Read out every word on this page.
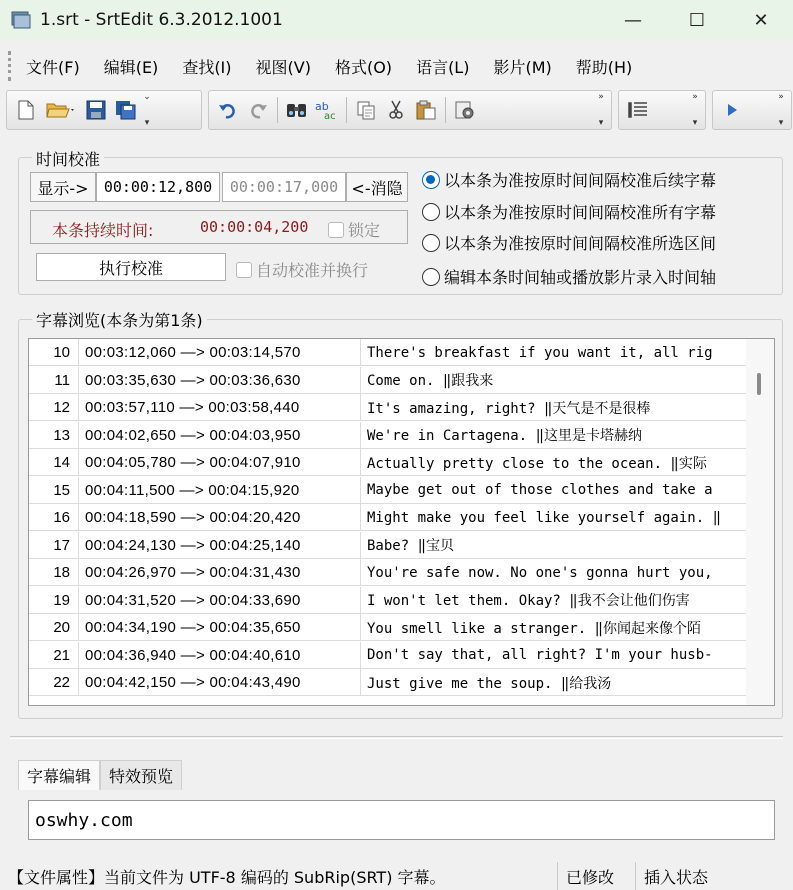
1.srt - SrtEdit 6.3.2012.1001	—	☐	✕
文件(F)	编辑(E)	查找(I)	视图(V)	格式(O)	语言(L)	影片(M)	帮助(H)
⌄
▾
ab
ac
»
▾
»
▾
»
▾
时间校准
显示->	00:00:12,800	00:00:17,000 <-消隐
本条持续时间:	00:00:04,200 锁定
执行校准	自动校准并换行
以本条为准按原时间间隔校准后续字幕
以本条为准按原时间间隔校准所有字幕
以本条为准按原时间间隔校准所选区间
编辑本条时间轴或播放影片录入时间轴
字幕浏览(本条为第1条)
10	00:03:12,060 —> 00:03:14,570	There's breakfast if you want it, all rig
11	00:03:35,630 —> 00:03:36,630	Come on. ‖跟我来
12	00:03:57,110 —> 00:03:58,440	It's amazing, right? ‖天气是不是很棒
13	00:04:02,650 —> 00:04:03,950	We're in Cartagena. ‖这里是卡塔赫纳
14	00:04:05,780 —> 00:04:07,910	Actually pretty close to the ocean. ‖实际
15	00:04:11,500 —> 00:04:15,920	Maybe get out of those clothes and take a
16	00:04:18,590 —> 00:04:20,420	Might make you feel like yourself again. ‖
17	00:04:24,130 —> 00:04:25,140	Babe? ‖宝贝
18	00:04:26,970 —> 00:04:31,430	You're safe now. No one's gonna hurt you,
19	00:04:31,520 —> 00:04:33,690	I won't let them. Okay? ‖我不会让他们伤害
20	00:04:34,190 —> 00:04:35,650	You smell like a stranger. ‖你闻起来像个陌
21	00:04:36,940 —> 00:04:40,610	Don't say that, all right? I'm your husb-
22	00:04:42,150 —> 00:04:43,490	Just give me the soup. ‖给我汤
字幕编辑	特效预览
oswhy.com
【文件属性】当前文件为 UTF-8 编码的 SubRip(SRT) 字幕。	已修改	插入状态
